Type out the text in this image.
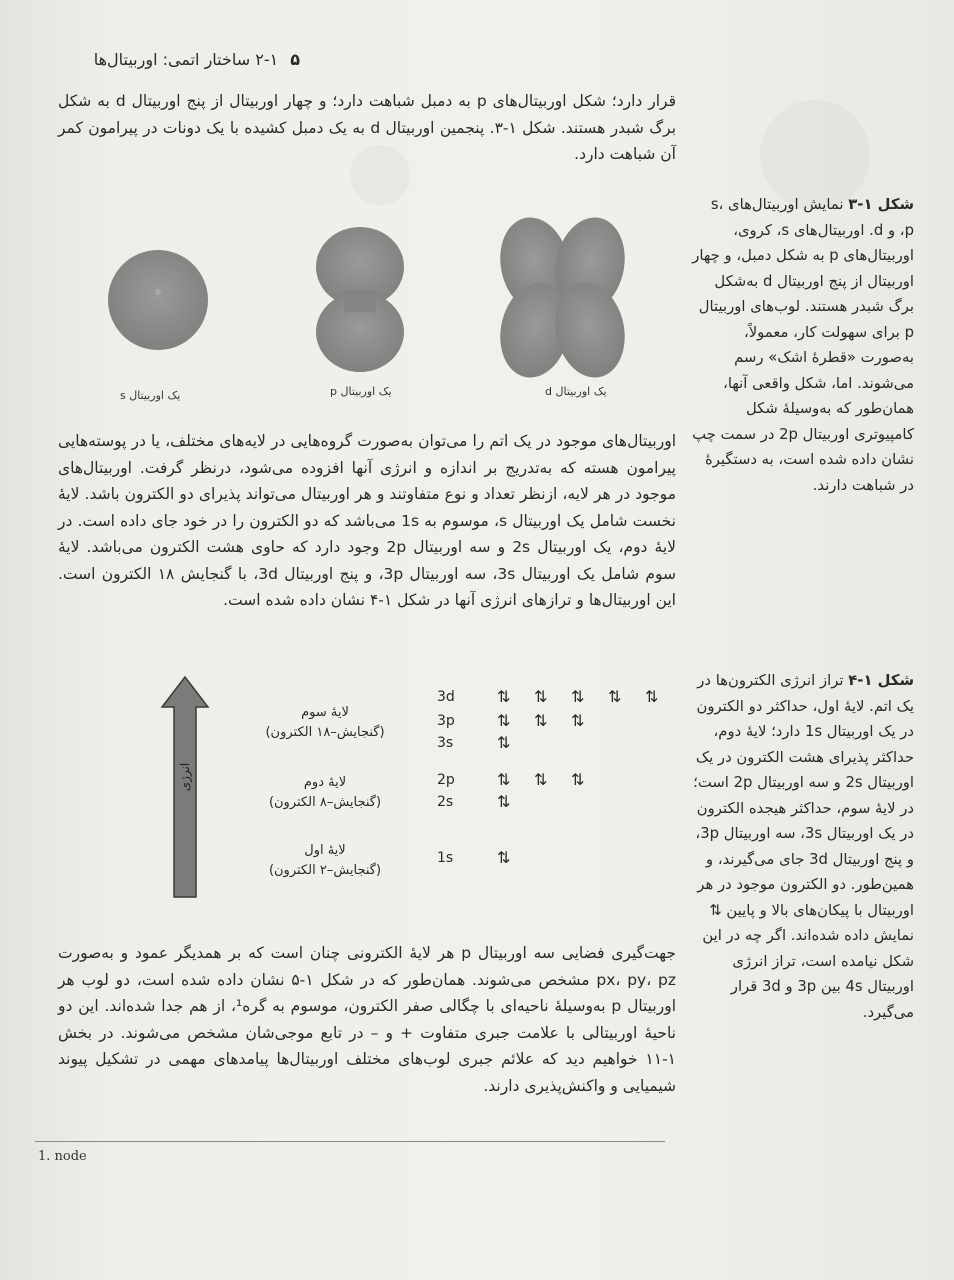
۵
۲-۱ ساختار اتمی: اوربیتال‌ها
قرار دارد؛ شکل اوربیتال‌های p به دمبل شباهت دارد؛ و چهار اوربیتال از پنج اوربیتال d به شکل برگ شبدر هستند. شکل ۱-۳. پنجمین اوربیتال d به یک دمبل کشیده با یک دونات در پیرامون کمر آن شباهت دارد.
یک اوربیتال s	یک اوربیتال p	یک اوربیتال d
شکل ۱-۳ نمایش اوربیتال‌های s، p، و d. اوربیتال‌های s، کروی، اوربیتال‌های p به شکل دمبل، و چهار اوربیتال از پنج اوربیتال d به‌شکل برگ شبدر هستند. لوب‌های اوربیتال p برای سهولت کار، معمولاً، به‌صورت «قطرهٔ اشک» رسم می‌شوند. اما، شکل واقعی آنها، همان‌طور که به‌وسیلهٔ شکل کامپیوتری اوربیتال 2p در سمت چپ نشان داده شده است، به دستگیرهٔ در شباهت دارند.
اوربیتال‌های موجود در یک اتم را می‌توان به‌صورت گروه‌هایی در لایه‌های مختلف، یا در پوسته‌هایی پیرامون هسته که به‌تدریج بر اندازه و انرژی آنها افزوده می‌شود، درنظر گرفت. اوربیتال‌های موجود در هر لایه، ازنظر تعداد و نوع متفاوتند و هر اوربیتال می‌تواند پذیرای دو الکترون باشد. لایهٔ نخست شامل یک اوربیتال s، موسوم به 1s می‌باشد که دو الکترون را در خود جای داده است. در لایهٔ دوم، یک اوربیتال 2s و سه اوربیتال 2p وجود دارد که حاوی هشت الکترون می‌باشد. لایهٔ سوم شامل یک اوربیتال 3s، سه اوربیتال 3p، و پنج اوربیتال 3d، با گنجایش ۱۸ الکترون است. این اوربیتال‌ها و ترازهای انرژی آنها در شکل ۱-۴ نشان داده شده است.
انرژی
لایهٔ سوم
(گنجایش–۱۸ الکترون)
لایهٔ دوم
(گنجایش–۸ الکترون)
لایهٔ اول
(گنجایش–۲ الکترون)
3d	⇅ ⇅ ⇅ ⇅ ⇅
3p	⇅ ⇅ ⇅
3s	⇅
2p	⇅ ⇅ ⇅
2s	⇅
1s	⇅
شکل ۱-۴ تراز انرژی الکترون‌ها در یک اتم. لایهٔ اول، حداکثر دو الکترون در یک اوربیتال 1s دارد؛ لایهٔ دوم، حداکثر پذیرای هشت الکترون در یک اوربیتال 2s و سه اوربیتال 2p است؛ در لایهٔ سوم، حداکثر هیجده الکترون در یک اوربیتال 3s، سه اوربیتال 3p، و پنج اوربیتال 3d جای می‌گیرند، و همین‌طور. دو الکترون موجود در هر اوربیتال با پیکان‌های بالا و پایین ⇅ نمایش داده شده‌اند. اگر چه در این شکل نیامده است، تراز انرژی اوربیتال 4s بین 3p و 3d قرار می‌گیرد.
جهت‌گیری فضایی سه اوربیتال p هر لایهٔ الکترونی چنان است که بر همدیگر عمود و به‌صورت px، py، pz مشخص می‌شوند. همان‌طور که در شکل ۱-۵ نشان داده شده است، دو لوب هر اوربیتال p به‌وسیلهٔ ناحیه‌ای با چگالی صفر الکترون، موسوم به گره¹، از هم جدا شده‌اند. این دو ناحیهٔ اوربیتالی با علامت جبری متفاوت + و – در تابع موجی‌شان مشخص می‌شوند. در بخش ۱-۱۱ خواهیم دید که علائم جبری لوب‌های مختلف اوربیتال‌ها پیامدهای مهمی در تشکیل پیوند شیمیایی و واکنش‌پذیری دارند.
1. node
